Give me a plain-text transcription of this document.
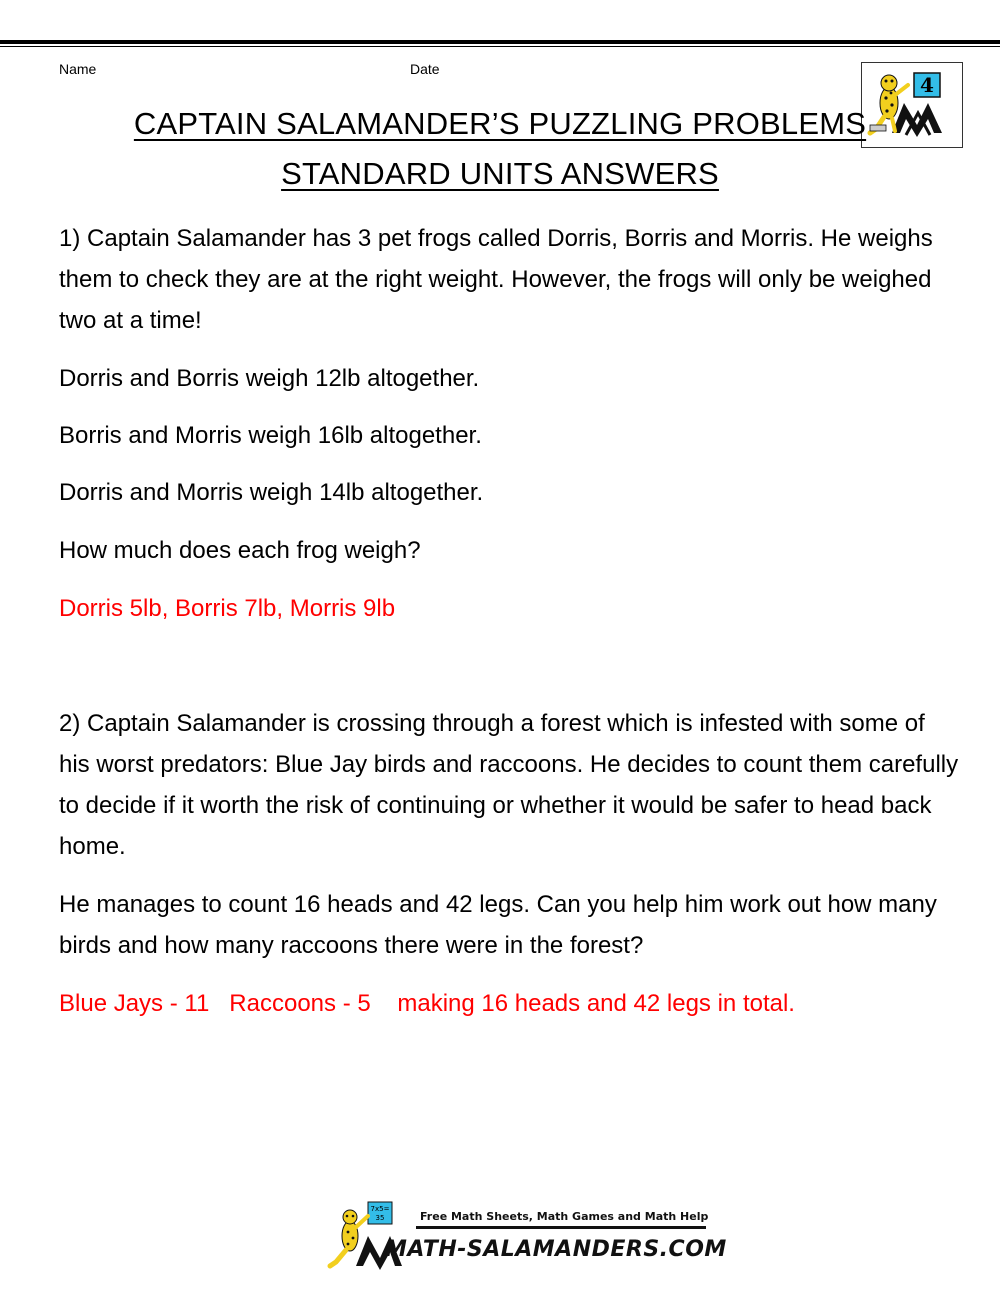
Name	Date
4
CAPTAIN SALAMANDER’S PUZZLING PROBLEMS
STANDARD UNITS ANSWERS

1) Captain Salamander has 3 pet frogs called Dorris, Borris and Morris. He weighs them to check they are at the right weight. However, the frogs will only be weighed two at a time!

Dorris and Borris weigh 12lb altogether.
Borris and Morris weigh 16lb altogether.
Dorris and Morris weigh 14lb altogether.
How much does each frog weigh?
Dorris 5lb, Borris 7lb, Morris 9lb

2) Captain Salamander is crossing through a forest which is infested with some of his worst predators: Blue Jay birds and raccoons. He decides to count them carefully to decide if it worth the risk of continuing or whether it would be safer to head back home.

He manages to count 16 heads and 42 legs. Can you help him work out how many birds and how many raccoons there were in the forest?
Blue Jays - 11   Raccoons - 5    making 16 heads and 42 legs in total.
7x5=
35	Free Math Sheets, Math Games and Math Help
MATH-SALAMANDERS.COM
